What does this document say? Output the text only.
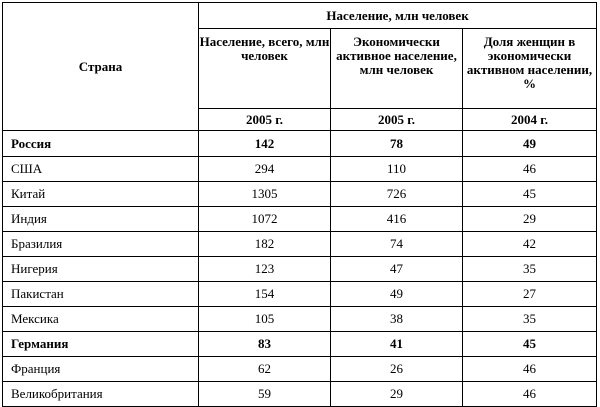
Страна	Население, млн человек		
	Население, всего, млн человек	Экономически активное население, млн человек	Доля женщин в экономически активном населении, %
	2005 г.	2005 г.	2004 г.
Россия	142	78	49
США	294	110	46
Китай	1305	726	45
Индия	1072	416	29
Бразилия	182	74	42
Нигерия	123	47	35
Пакистан	154	49	27
Мексика	105	38	35
Германия	83	41	45
Франция	62	26	46
Великобритания	59	29	46
